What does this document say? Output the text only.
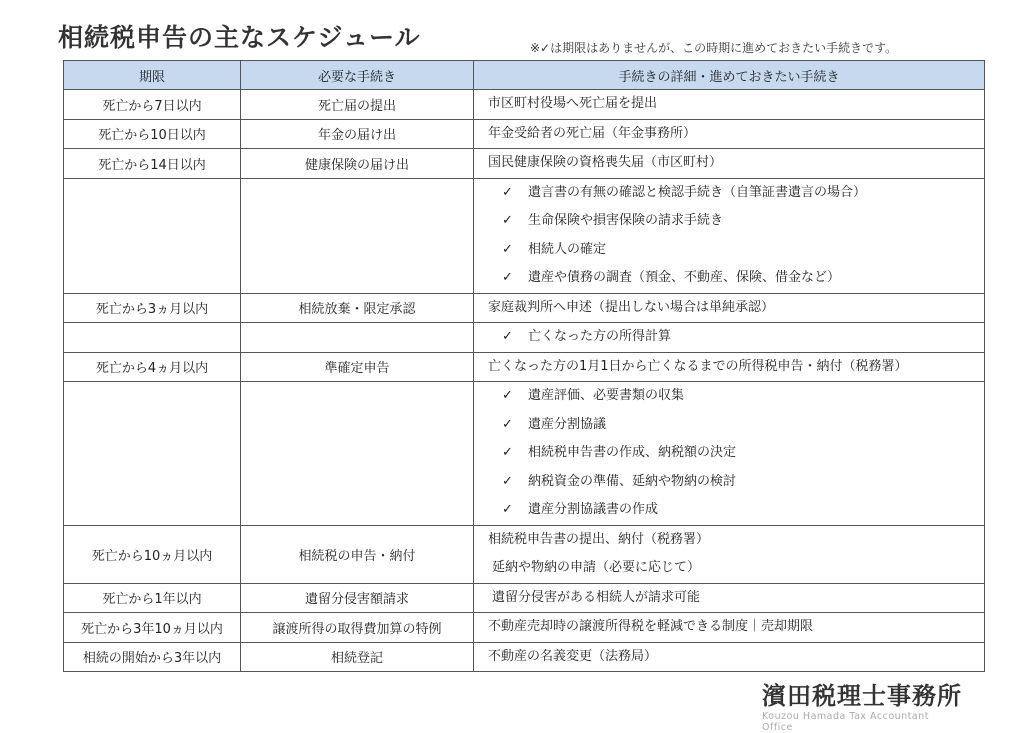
相続税申告の主なスケジュール	※✓は期限はありませんが、この時期に進めておきたい手続きです。
期限	必要な手続き	手続きの詳細・進めておきたい手続き
死亡から7日以内	死亡届の提出	市区町村役場へ死亡届を提出

死亡から10日以内	年金の届け出	年金受給者の死亡届（年金事務所）

死亡から14日以内	健康保険の届け出	国民健康保険の資格喪失届（市区町村）

		✓ 遺言書の有無の確認と検認手続き（自筆証書遺言の場合）
✓ 生命保険や損害保険の請求手続き
✓ 相続人の確定
✓ 遺産や債務の調査（預金、不動産、保険、借金など）

死亡から3ヵ月以内	相続放棄・限定承認	家庭裁判所へ申述（提出しない場合は単純承認）

		✓ 亡くなった方の所得計算

死亡から4ヵ月以内	準確定申告	亡くなった方の1月1日から亡くなるまでの所得税申告・納付（税務署）

		✓ 遺産評価、必要書類の収集
✓ 遺産分割協議
✓ 相続税申告書の作成、納税額の決定
✓ 納税資金の準備、延納や物納の検討
✓ 遺産分割協議書の作成

死亡から10ヵ月以内	相続税の申告・納付	相続税申告書の提出、納付（税務署）
延納や物納の申請（必要に応じて）

死亡から1年以内	遺留分侵害額請求	遺留分侵害がある相続人が請求可能

死亡から3年10ヵ月以内	譲渡所得の取得費加算の特例	不動産売却時の譲渡所得税を軽減できる制度｜売却期限

相続の開始から3年以内	相続登記	不動産の名義変更（法務局）
濱田税理士事務所
Kouzou Hamada Tax Accountant Office
